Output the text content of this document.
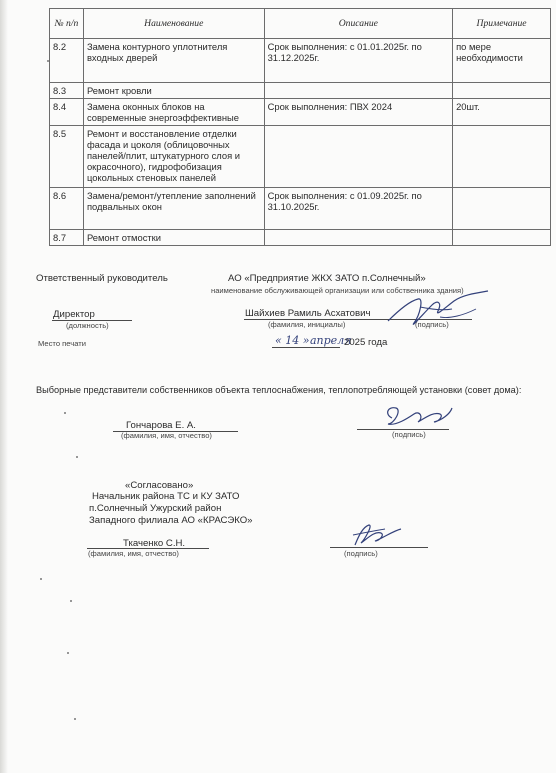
№ п/п	Наименование	Описание	Примечание
8.2	Замена контурного уплотнителя входных дверей	Срок выполнения: с 01.01.2025г. по 31.12.2025г.	по мере необходимости
8.3	Ремонт кровли		
8.4	Замена оконных блоков на современные энергоэффективные	Срок выполнения: ПВХ 2024	20шт.
8.5	Ремонт и восстановление отделки фасада и цоколя (облицовочных панелей/плит, штукатурного слоя и окрасочного), гидрофобизация цокольных стеновых панелей		
8.6	Замена/ремонт/утепление заполнений подвальных окон	Срок выполнения: с 01.09.2025г. по 31.10.2025г.	
8.7	Ремонт отмостки		
Ответственный руководитель	АО «Предприятие ЖКХ ЗАТО п.Солнечный»
наименование обслуживающей организации или собственника здания)
Директор
(должность)
Шайхиев Рамиль Асхатович
(фамилия, инициалы)	(подпись)
Место печати	« 14 » апреля
2025 года
Выборные представители собственников объекта теплоснабжения, теплопотребляющей установки (совет дома):
Гончарова Е. А.
(фамилия, имя, отчество)	(подпись)
«Согласовано»
Начальник района ТС и КУ ЗАТО
п.Солнечный Ужурский район
Западного филиала АО «КРАСЭКО»
Ткаченко С.Н.
(фамилия, имя, отчество)	(подпись)
